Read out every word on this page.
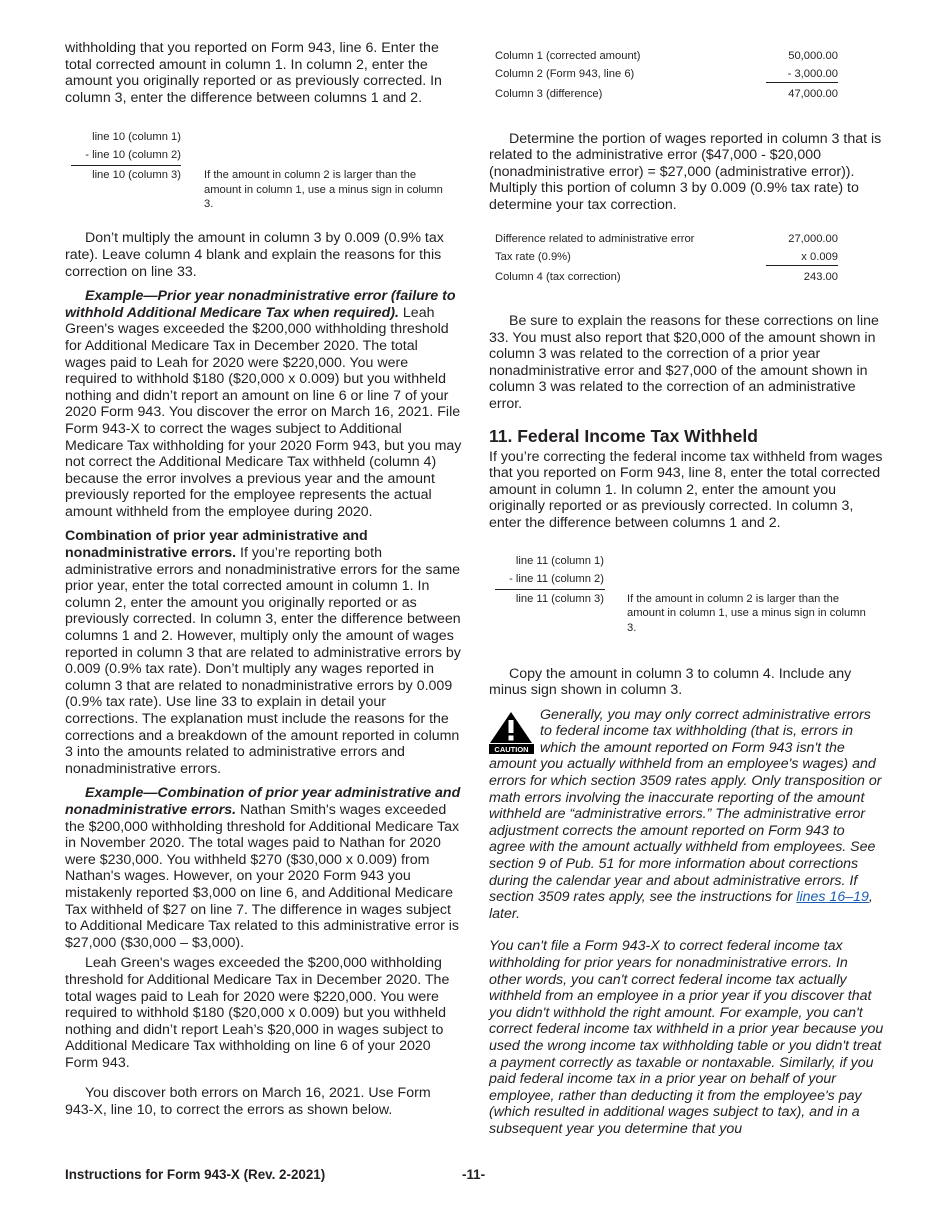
withholding that you reported on Form 943, line 6. Enter the total corrected amount in column 1. In column 2, enter the amount you originally reported or as previously corrected. In column 3, enter the difference between columns 1 and 2.

line 10 (column 1)
- line 10 (column 2)
line 10 (column 3) If the amount in column 2 is larger than the amount in column 1, use a minus sign in column 3.

Don’t multiply the amount in column 3 by 0.009 (0.9% tax rate). Leave column 4 blank and explain the reasons for this correction on line 33.

Example—Prior year nonadministrative error (failure to withhold Additional Medicare Tax when required). Leah Green's wages exceeded the $200,000 withholding threshold for Additional Medicare Tax in December 2020. The total wages paid to Leah for 2020 were $220,000. You were required to withhold $180 ($20,000 x 0.009) but you withheld nothing and didn’t report an amount on line 6 or line 7 of your 2020 Form 943. You discover the error on March 16, 2021. File Form 943-X to correct the wages subject to Additional Medicare Tax withholding for your 2020 Form 943, but you may not correct the Additional Medicare Tax withheld (column 4) because the error involves a previous year and the amount previously reported for the employee represents the actual amount withheld from the employee during 2020.

Combination of prior year administrative and nonadministrative errors. If you’re reporting both administrative errors and nonadministrative errors for the same prior year, enter the total corrected amount in column 1. In column 2, enter the amount you originally reported or as previously corrected. In column 3, enter the difference between columns 1 and 2. However, multiply only the amount of wages reported in column 3 that are related to administrative errors by 0.009 (0.9% tax rate). Don’t multiply any wages reported in column 3 that are related to nonadministrative errors by 0.009 (0.9% tax rate). Use line 33 to explain in detail your corrections. The explanation must include the reasons for the corrections and a breakdown of the amount reported in column 3 into the amounts related to administrative errors and nonadministrative errors.

Example—Combination of prior year administrative and nonadministrative errors. Nathan Smith's wages exceeded the $200,000 withholding threshold for Additional Medicare Tax in November 2020. The total wages paid to Nathan for 2020 were $230,000. You withheld $270 ($30,000 x 0.009) from Nathan's wages. However, on your 2020 Form 943 you mistakenly reported $3,000 on line 6, and Additional Medicare Tax withheld of $27 on line 7. The difference in wages subject to Additional Medicare Tax related to this administrative error is $27,000 ($30,000 – $3,000).

Leah Green's wages exceeded the $200,000 withholding threshold for Additional Medicare Tax in December 2020. The total wages paid to Leah for 2020 were $220,000. You were required to withhold $180 ($20,000 x 0.009) but you withheld nothing and didn’t report Leah’s $20,000 in wages subject to Additional Medicare Tax withholding on line 6 of your 2020 Form 943.

You discover both errors on March 16, 2021. Use Form 943-X, line 10, to correct the errors as shown below.

Column 1 (corrected amount)	50,000.00
Column 2 (Form 943, line 6)	- 3,000.00
Column 3 (difference)	47,000.00

Determine the portion of wages reported in column 3 that is related to the administrative error ($47,000 - $20,000 (nonadministrative error) = $27,000 (administrative error)). Multiply this portion of column 3 by 0.009 (0.9% tax rate) to determine your tax correction.

Difference related to administrative error	27,000.00
Tax rate (0.9%)	x 0.009
Column 4 (tax correction)	243.00

Be sure to explain the reasons for these corrections on line 33. You must also report that $20,000 of the amount shown in column 3 was related to the correction of a prior year nonadministrative error and $27,000 of the amount shown in column 3 was related to the correction of an administrative error.

11. Federal Income Tax Withheld

If you’re correcting the federal income tax withheld from wages that you reported on Form 943, line 8, enter the total corrected amount in column 1. In column 2, enter the amount you originally reported or as previously corrected. In column 3, enter the difference between columns 1 and 2.

line 11 (column 1)
- line 11 (column 2)
line 11 (column 3) If the amount in column 2 is larger than the amount in column 1, use a minus sign in column 3.

Copy the amount in column 3 to column 4. Include any minus sign shown in column 3.

CAUTION

Generally, you may only correct administrative errors to federal income tax withholding (that is, errors in which the amount reported on Form 943 isn't the amount you actually withheld from an employee's wages) and errors for which section 3509 rates apply. Only transposition or math errors involving the inaccurate reporting of the amount withheld are “administrative errors.” The administrative error adjustment corrects the amount reported on Form 943 to agree with the amount actually withheld from employees. See section 9 of Pub. 51 for more information about corrections during the calendar year and about administrative errors. If section 3509 rates apply, see the instructions for lines 16–19, later.

You can't file a Form 943-X to correct federal income tax withholding for prior years for nonadministrative errors. In other words, you can't correct federal income tax actually withheld from an employee in a prior year if you discover that you didn't withhold the right amount. For example, you can't correct federal income tax withheld in a prior year because you used the wrong income tax withholding table or you didn't treat a payment correctly as taxable or nontaxable. Similarly, if you paid federal income tax in a prior year on behalf of your employee, rather than deducting it from the employee's pay (which resulted in additional wages subject to tax), and in a subsequent year you determine that you

Instructions for Form 943-X (Rev. 2-2021)	-11-
